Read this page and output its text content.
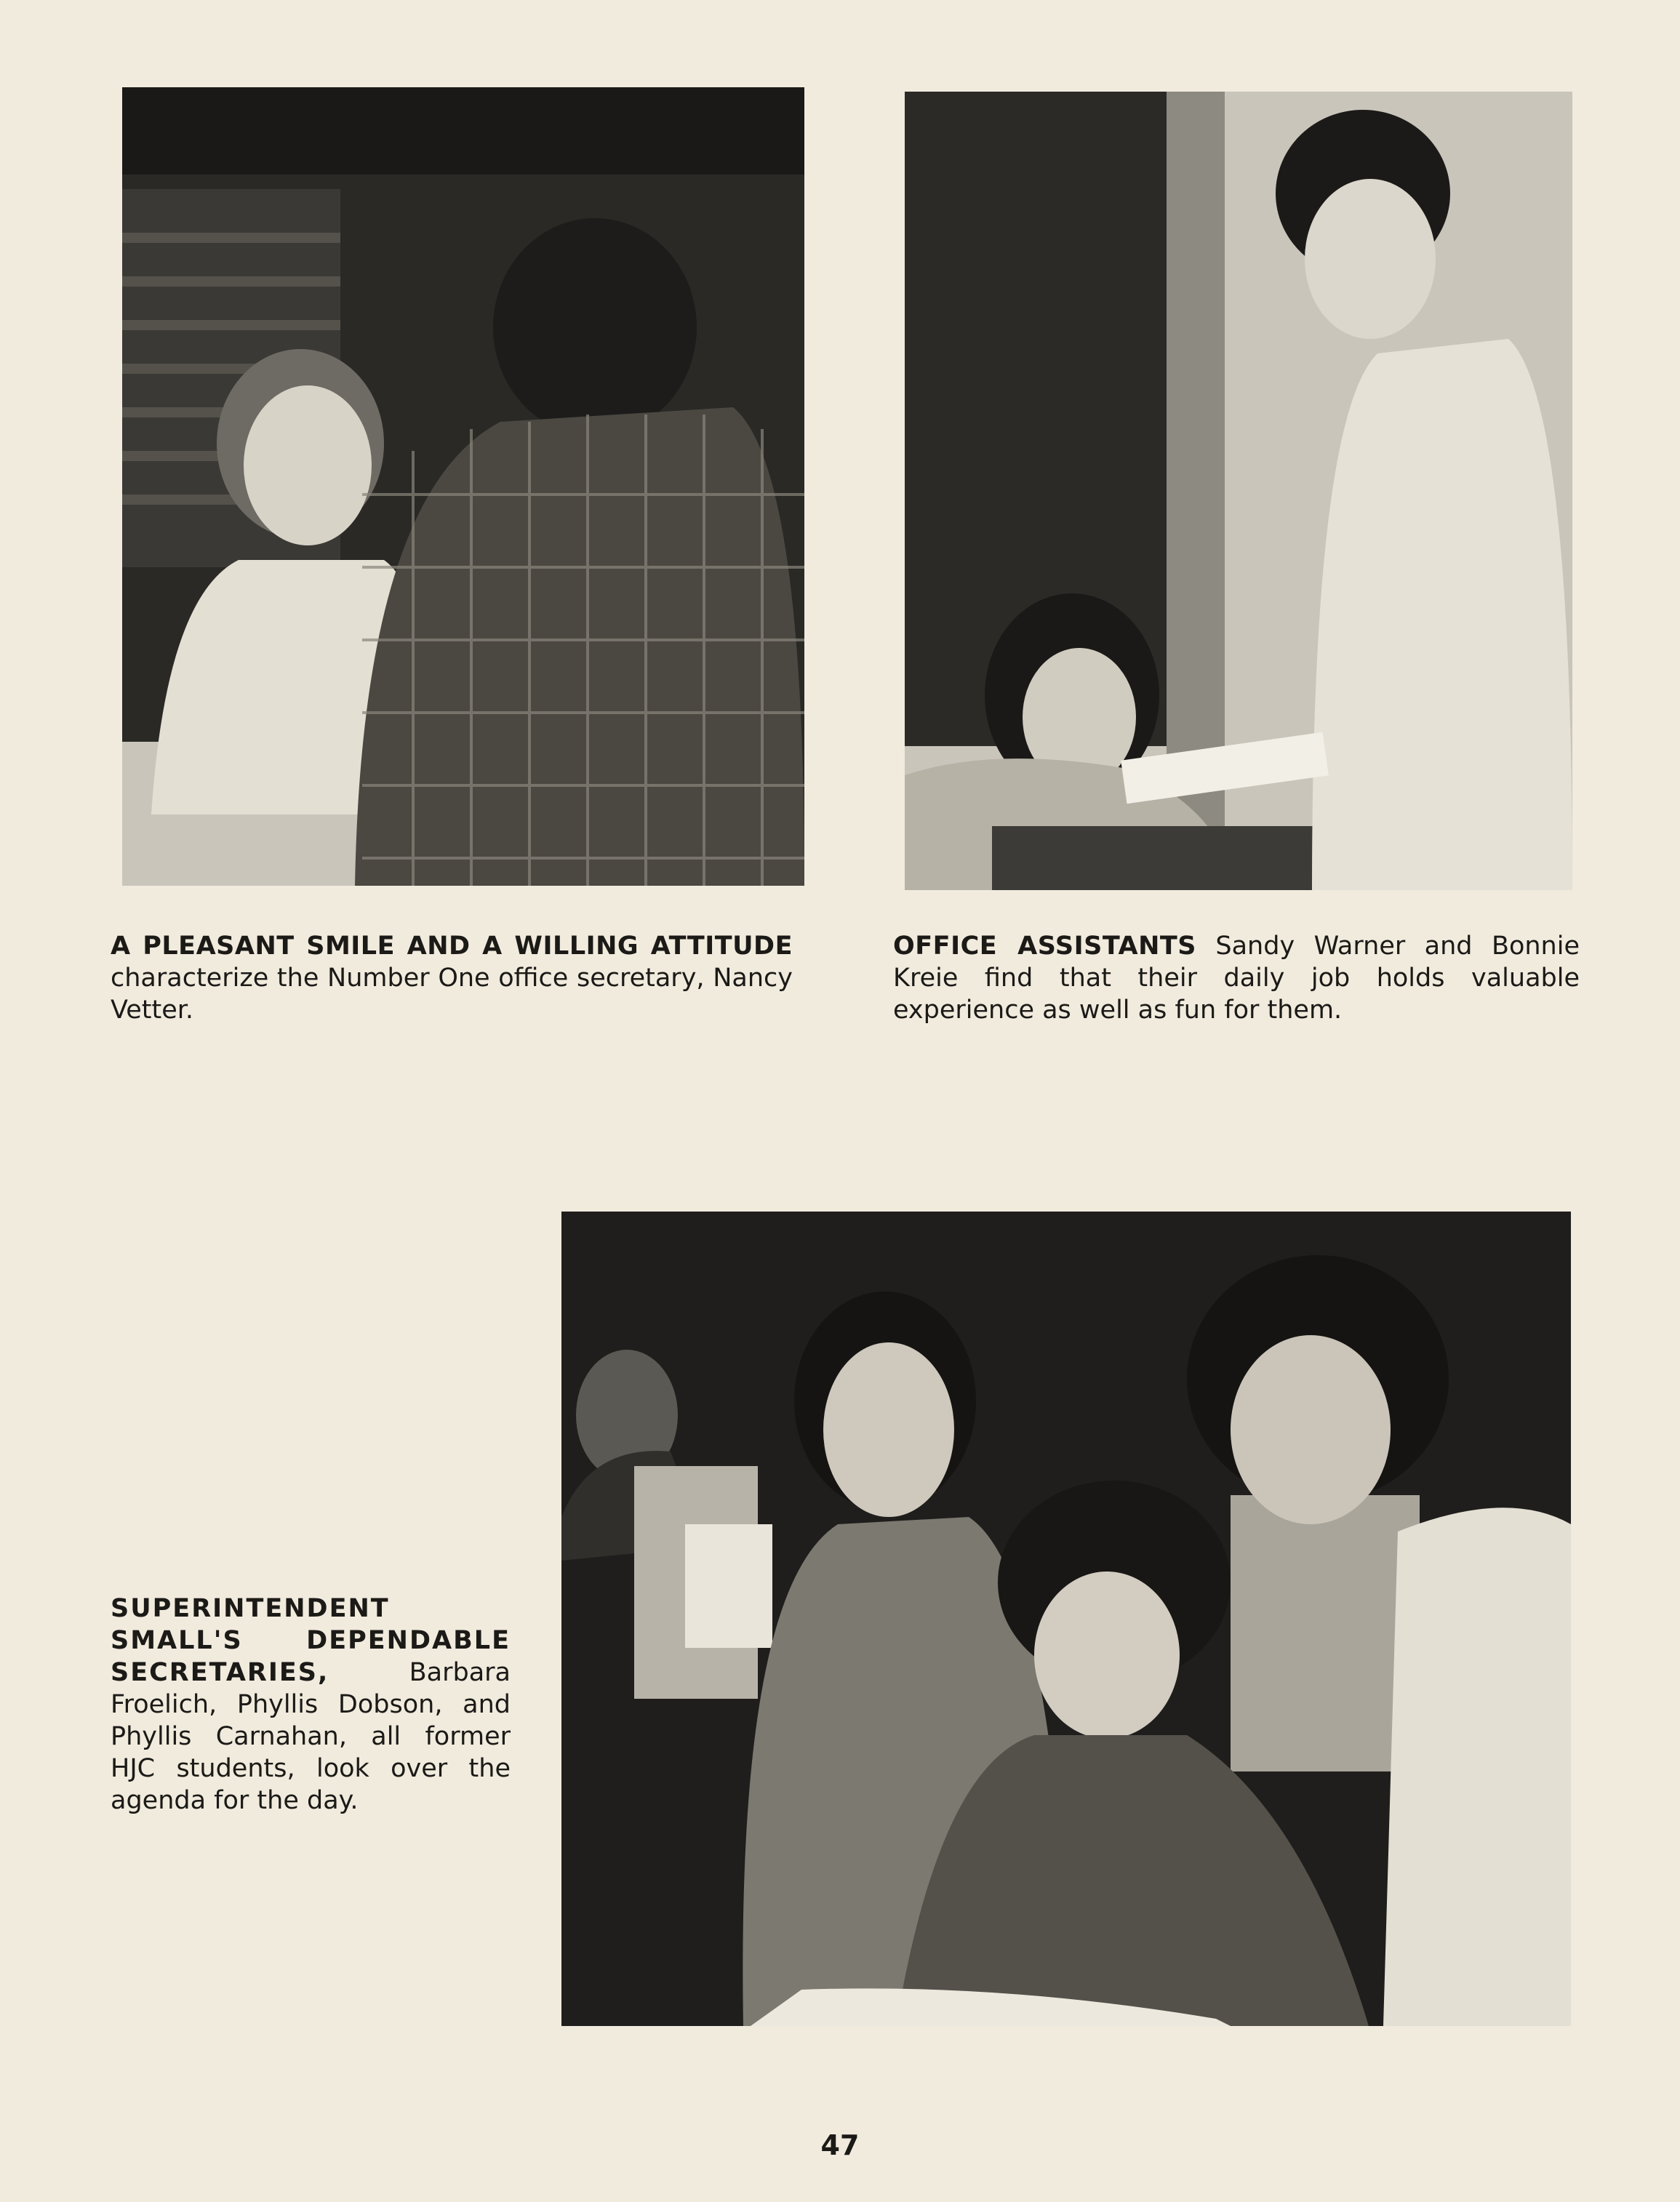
A PLEASANT SMILE AND A WILLING ATTITUDE characterize the Number One office secretary, Nancy Vetter.
OFFICE ASSISTANTS Sandy Warner and Bonnie Kreie find that their daily job holds valuable experience as well as fun for them.
SUPERINTENDENT SMALL'S DEPENDABLE SECRETARIES,	Barbara Froelich, Phyllis Dobson, and Phyllis Carnahan, all former HJC students, look over the agenda for the day.
47
